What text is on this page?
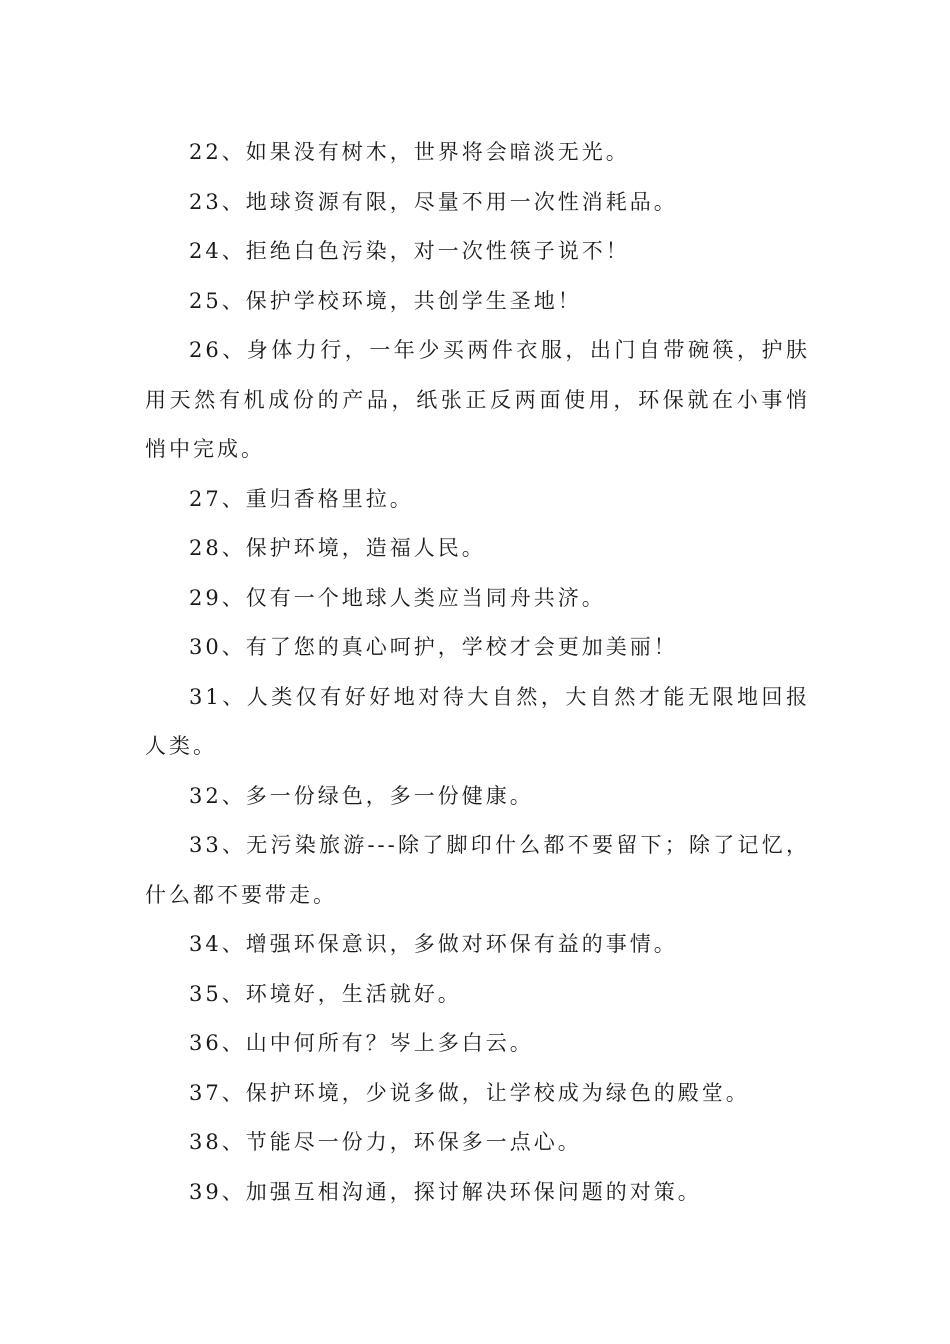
22、如果没有树木，世界将会暗淡无光。

23、地球资源有限，尽量不用一次性消耗品。

24、拒绝白色污染，对一次性筷子说不！

25、保护学校环境，共创学生圣地！

26、身体力行，一年少买两件衣服，出门自带碗筷，护肤用天然有机成份的产品，纸张正反两面使用，环保就在小事悄悄中完成。

27、重归香格里拉。

28、保护环境，造福人民。

29、仅有一个地球人类应当同舟共济。

30、有了您的真心呵护，学校才会更加美丽！

31、人类仅有好好地对待大自然，大自然才能无限地回报人类。

32、多一份绿色，多一份健康。

33、无污染旅游---除了脚印什么都不要留下；除了记忆，什么都不要带走。

34、增强环保意识，多做对环保有益的事情。

35、环境好，生活就好。

36、山中何所有？岑上多白云。

37、保护环境，少说多做，让学校成为绿色的殿堂。

38、节能尽一份力，环保多一点心。

39、加强互相沟通，探讨解决环保问题的对策。
